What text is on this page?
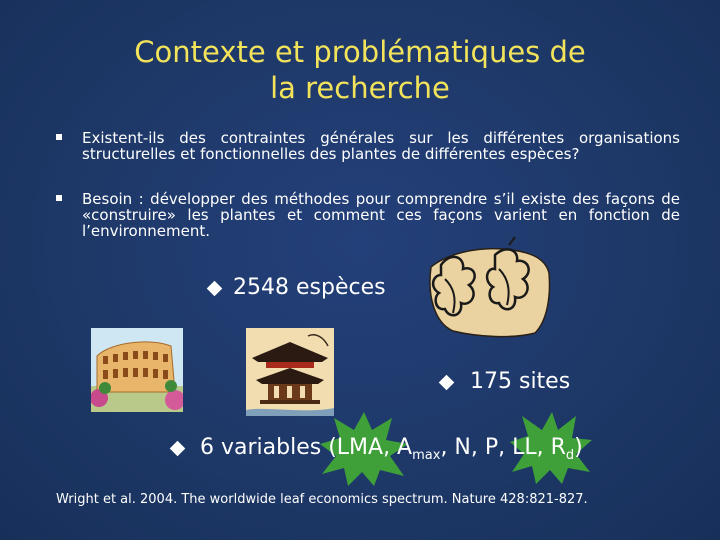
Contexte et problématiques de
la recherche
Existent-ils des contraintes générales sur les différentes organisations structurelles et fonctionnelles des plantes de différentes espèces?
Besoin : développer des méthodes pour comprendre s’il existe des façons de «construire» les plantes et comment ces façons varient en fonction de l’environnement.
2548 espèces
175 sites
6 variables (LMA, $A_{max}$, N, P, LL, $R_d$)
Wright et al. 2004. The worldwide leaf economics spectrum. Nature 428:821-827.
